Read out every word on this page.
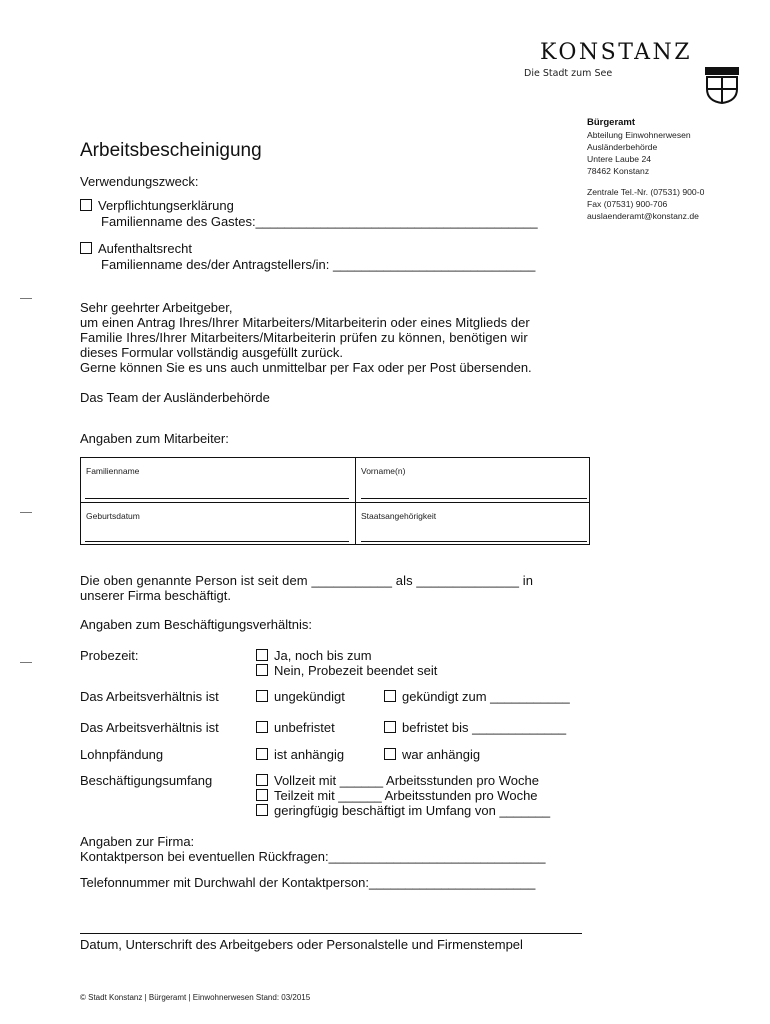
KONSTANZ
Die Stadt zum See
Bürgeramt
Abteilung Einwohnerwesen
Ausländerbehörde
Untere Laube 24
78462 Konstanz

Zentrale Tel.-Nr. (07531) 900-0
Fax (07531) 900-706
auslaenderamt@konstanz.de
Arbeitsbescheinigung
Verwendungszweck:
Verpflichtungserklärung
Familienname des Gastes:_______________________________________
Aufenthaltsrecht
Familienname des/der Antragstellers/in: ____________________________
Sehr geehrter Arbeitgeber,
um einen Antrag Ihres/Ihrer Mitarbeiters/Mitarbeiterin oder eines Mitglieds der
Familie Ihres/Ihrer Mitarbeiters/Mitarbeiterin prüfen zu können, benötigen wir
dieses Formular vollständig ausgefüllt zurück.
Gerne können Sie es uns auch unmittelbar per Fax oder per Post übersenden.
Das Team der Ausländerbehörde
Angaben zum Mitarbeiter:
Familienname	Vorname(n)
Geburtsdatum	Staatsangehörigkeit
Die oben genannte Person ist seit dem ___________ als ______________ in
unserer Firma beschäftigt.
Angaben zum Beschäftigungsverhältnis:
Probezeit:	Ja, noch bis zum
Nein, Probezeit beendet seit
Das Arbeitsverhältnis ist	ungekündigt	gekündigt zum ___________
Das Arbeitsverhältnis ist	unbefristet	befristet bis _____________
Lohnpfändung	ist anhängig	war anhängig
Beschäftigungsumfang	Vollzeit mit ______ Arbeitsstunden pro Woche
Teilzeit mit ______ Arbeitsstunden pro Woche
geringfügig beschäftigt im Umfang von _______
Angaben zur Firma:
Kontaktperson bei eventuellen Rückfragen:______________________________
Telefonnummer mit Durchwahl der Kontaktperson:_______________________
Datum, Unterschrift des Arbeitgebers oder Personalstelle und Firmenstempel
© Stadt Konstanz | Bürgeramt | Einwohnerwesen Stand: 03/2015
